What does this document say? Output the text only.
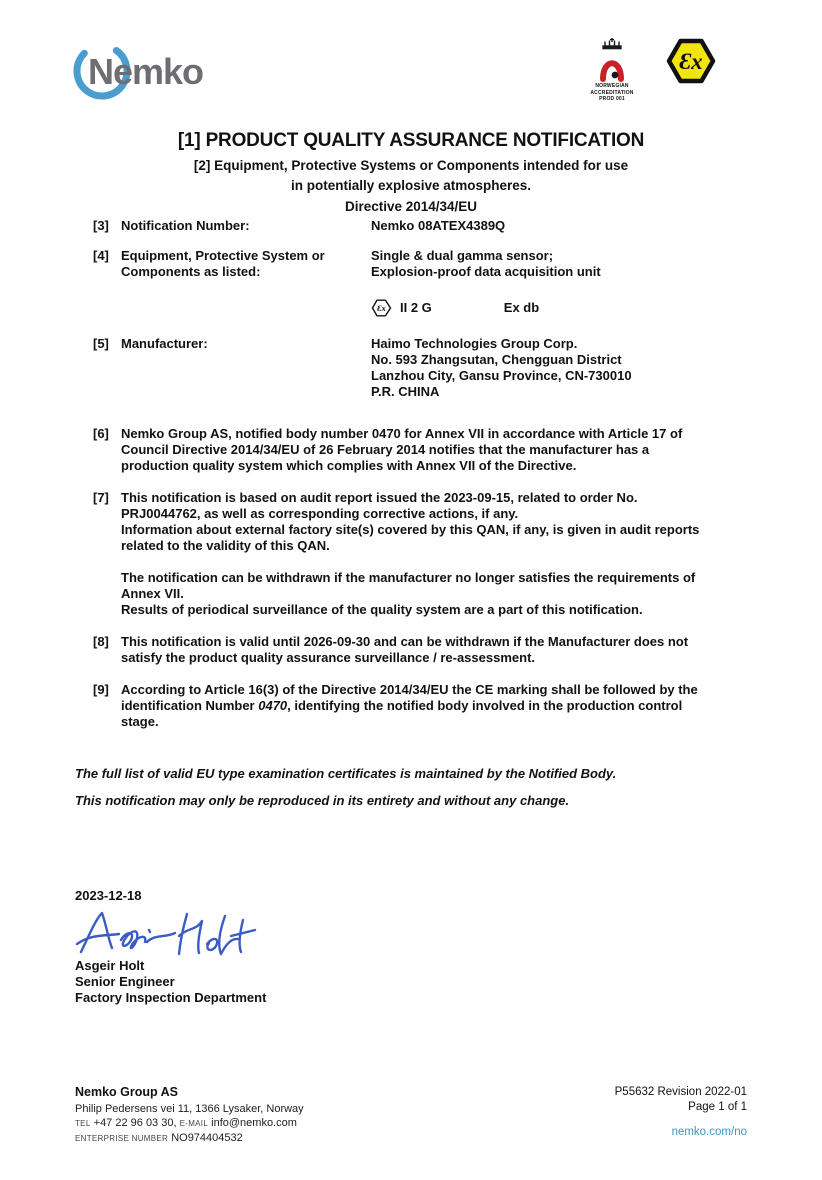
Nemko	NORWEGIAN
ACCREDITATION
PROD 001
Ɛx
[1] PRODUCT QUALITY ASSURANCE NOTIFICATION
[2] Equipment, Protective Systems or Components intended for use
in potentially explosive atmospheres.
Directive 2014/34/EU
[3] Notification Number:	Nemko 08ATEX4389Q
[4] Equipment, Protective System or
Components as listed:
Single & dual gamma sensor;
Explosion-proof data acquisition unit
Ɛx II 2 G	Ex db
[5] Manufacturer:	Haimo Technologies Group Corp.
No. 593 Zhangsutan, Chengguan District
Lanzhou City, Gansu Province, CN-730010
P.R. CHINA
[6] Nemko Group AS, notified body number 0470 for Annex VII in accordance with Article 17 of
Council Directive 2014/34/EU of 26 February 2014 notifies that the manufacturer has a
production quality system which complies with Annex VII of the Directive.
[7] This notification is based on audit report issued the 2023-09-15, related to order No.
PRJ0044762, as well as corresponding corrective actions, if any.
Information about external factory site(s) covered by this QAN, if any, is given in audit reports
related to the validity of this QAN.
The notification can be withdrawn if the manufacturer no longer satisfies the requirements of
Annex VII.
Results of periodical surveillance of the quality system are a part of this notification.
[8] This notification is valid until 2026-09-30 and can be withdrawn if the Manufacturer does not
satisfy the product quality assurance surveillance / re-assessment.
[9] According to Article 16(3) of the Directive 2014/34/EU the CE marking shall be followed by the
identification Number 0470, identifying the notified body involved in the production control
stage.
The full list of valid EU type examination certificates is maintained by the Notified Body.
This notification may only be reproduced in its entirety and without any change.
2023-12-18
Asgeir Holt
Senior Engineer
Factory Inspection Department
Nemko Group AS
Philip Pedersens vei 11, 1366 Lysaker, Norway
TEL +47 22 96 03 30, E-MAIL info@nemko.com
ENTERPRISE NUMBER NO974404532
P55632 Revision 2022-01
Page 1 of 1
nemko.com/no
